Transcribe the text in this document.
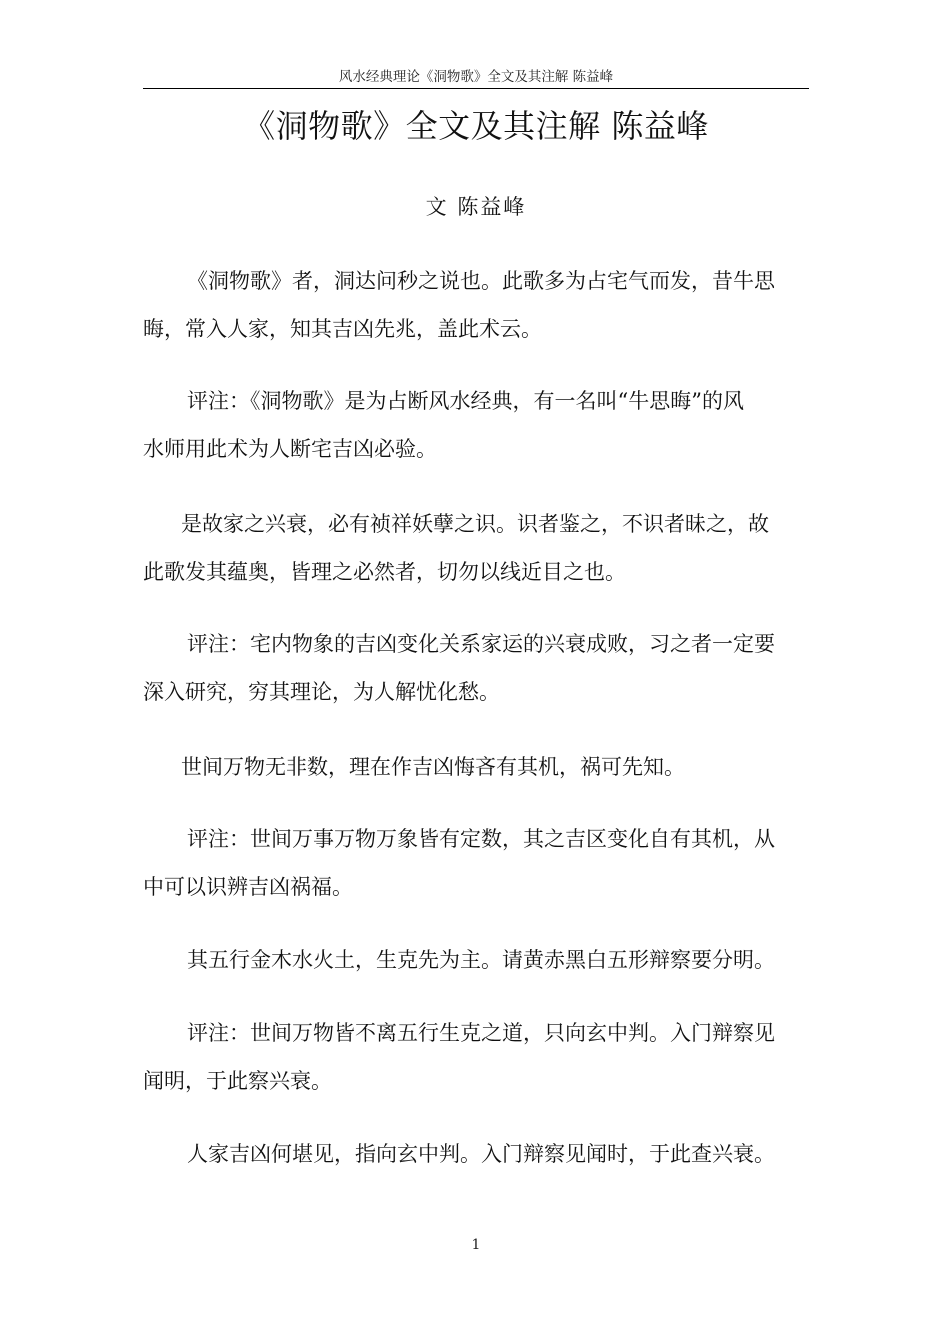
风水经典理论《洞物歌》全文及其注解 陈益峰
《洞物歌》全文及其注解 陈益峰
文 陈益峰

《洞物歌》者，洞达问秒之说也。此歌多为占宅气而发，昔牛思
晦，常入人家，知其吉凶先兆，盖此术云。

评注：《洞物歌》是为占断风水经典，有一名叫“牛思晦”的风
水师用此术为人断宅吉凶必验。

是故家之兴衰，必有祯祥妖孽之识。识者鉴之，不识者昧之，故
此歌发其蕴奥，皆理之必然者，切勿以线近目之也。

评注：宅内物象的吉凶变化关系家运的兴衰成败，习之者一定要
深入研究，穷其理论，为人解忧化愁。

世间万物无非数，理在作吉凶悔吝有其机，祸可先知。

评注：世间万事万物万象皆有定数，其之吉区变化自有其机，从
中可以识辨吉凶祸福。

其五行金木水火土，生克先为主。请黄赤黑白五形辩察要分明。

评注：世间万物皆不离五行生克之道，只向玄中判。入门辩察见
闻明，于此察兴衰。

人家吉凶何堪见，指向玄中判。入门辩察见闻时，于此查兴衰。

1
